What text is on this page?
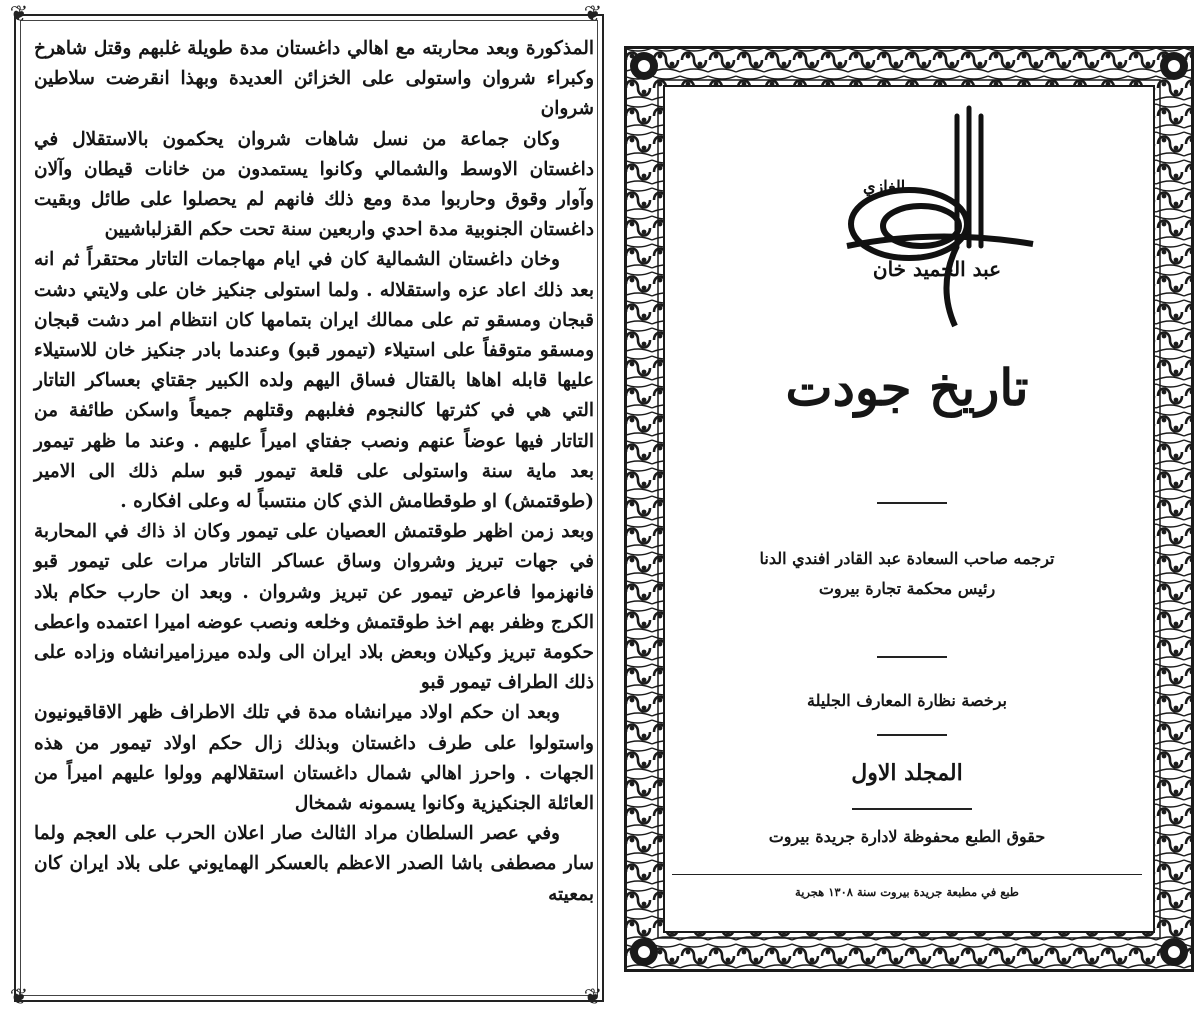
❦	❦
❦	❦

المذكورة وبعد محاربته مع اهالي داغستان مدة طويلة غلبهم وقتل شاهرخ وكبراء شروان واستولى على الخزائن العديدة وبهذا انقرضت سلاطين شروان

وكان جماعة من نسل شاهات شروان يحكمون بالاستقلال في داغستان الاوسط والشمالي وكانوا يستمدون من خانات قيطان وآلان وآوار وقوق وحاربوا مدة ومع ذلك فانهم لم يحصلوا على طائل وبقيت داغستان الجنوبية مدة احدي واربعين سنة تحت حكم القزلباشيين

وخان داغستان الشمالية كان في ايام مهاجمات التاتار محتقراً ثم انه بعد ذلك اعاد عزه واستقلاله . ولما استولى جنكيز خان على ولايتي دشت قبجان ومسقو تم على ممالك ايران بتمامها كان انتظام امر دشت قبجان ومسقو متوقفاً على استيلاء (تيمور قبو) وعندما بادر جنكيز خان للاستيلاء عليها قابله اهاها بالقتال فساق اليهم ولده الكبير جقتاي بعساكر التاتار التي هي في كثرتها كالنجوم فغلبهم وقتلهم جميعاً واسكن طائفة من التاتار فيها عوضاً عنهم ونصب جفتاي اميراً عليهم . وعند ما ظهر تيمور بعد ماية سنة واستولى على قلعة تيمور قبو سلم ذلك الى الامير (طوقتمش) او طوقطامش الذي كان منتسباً له وعلى افكاره .

وبعد زمن اظهر طوقتمش العصيان على تيمور وكان اذ ذاك في المحاربة في جهات تبريز وشروان وساق عساكر التاتار مرات على تيمور قبو فانهزموا فاعرض تيمور عن تبريز وشروان . وبعد ان حارب حكام بلاد الكرج وظفر بهم اخذ طوقتمش وخلعه ونصب عوضه اميرا اعتمده واعطى حكومة تبريز وكيلان وبعض بلاد ايران الى ولده ميرزاميرانشاه وزاده على ذلك الطراف تيمور قبو

وبعد ان حكم اولاد ميرانشاه مدة في تلك الاطراف ظهر الاقاقيونيون واستولوا على طرف داغستان وبذلك زال حكم اولاد تيمور من هذه الجهات . واحرز اهالي شمال داغستان استقلالهم وولوا عليهم اميراً من العائلة الجنكيزية وكانوا يسمونه شمخال

وفي عصر السلطان مراد الثالث صار اعلان الحرب على العجم ولما سار مصطفى باشا الصدر الاعظم بالعسكر الهمايوني على بلاد ايران كان بمعيته

الغازي
عبد الحميد خان
تاريخ جودت
ترجمه صاحب السعادة عبد القادر افندي الدنا
رئيس محكمة تجارة بيروت
برخصة نظارة المعارف الجليلة
المجلد الاول
حقوق الطبع محفوظة لادارة جريدة بيروت
طبع في مطبعة جريدة بيروت سنة ١٣٠٨ هجرية
